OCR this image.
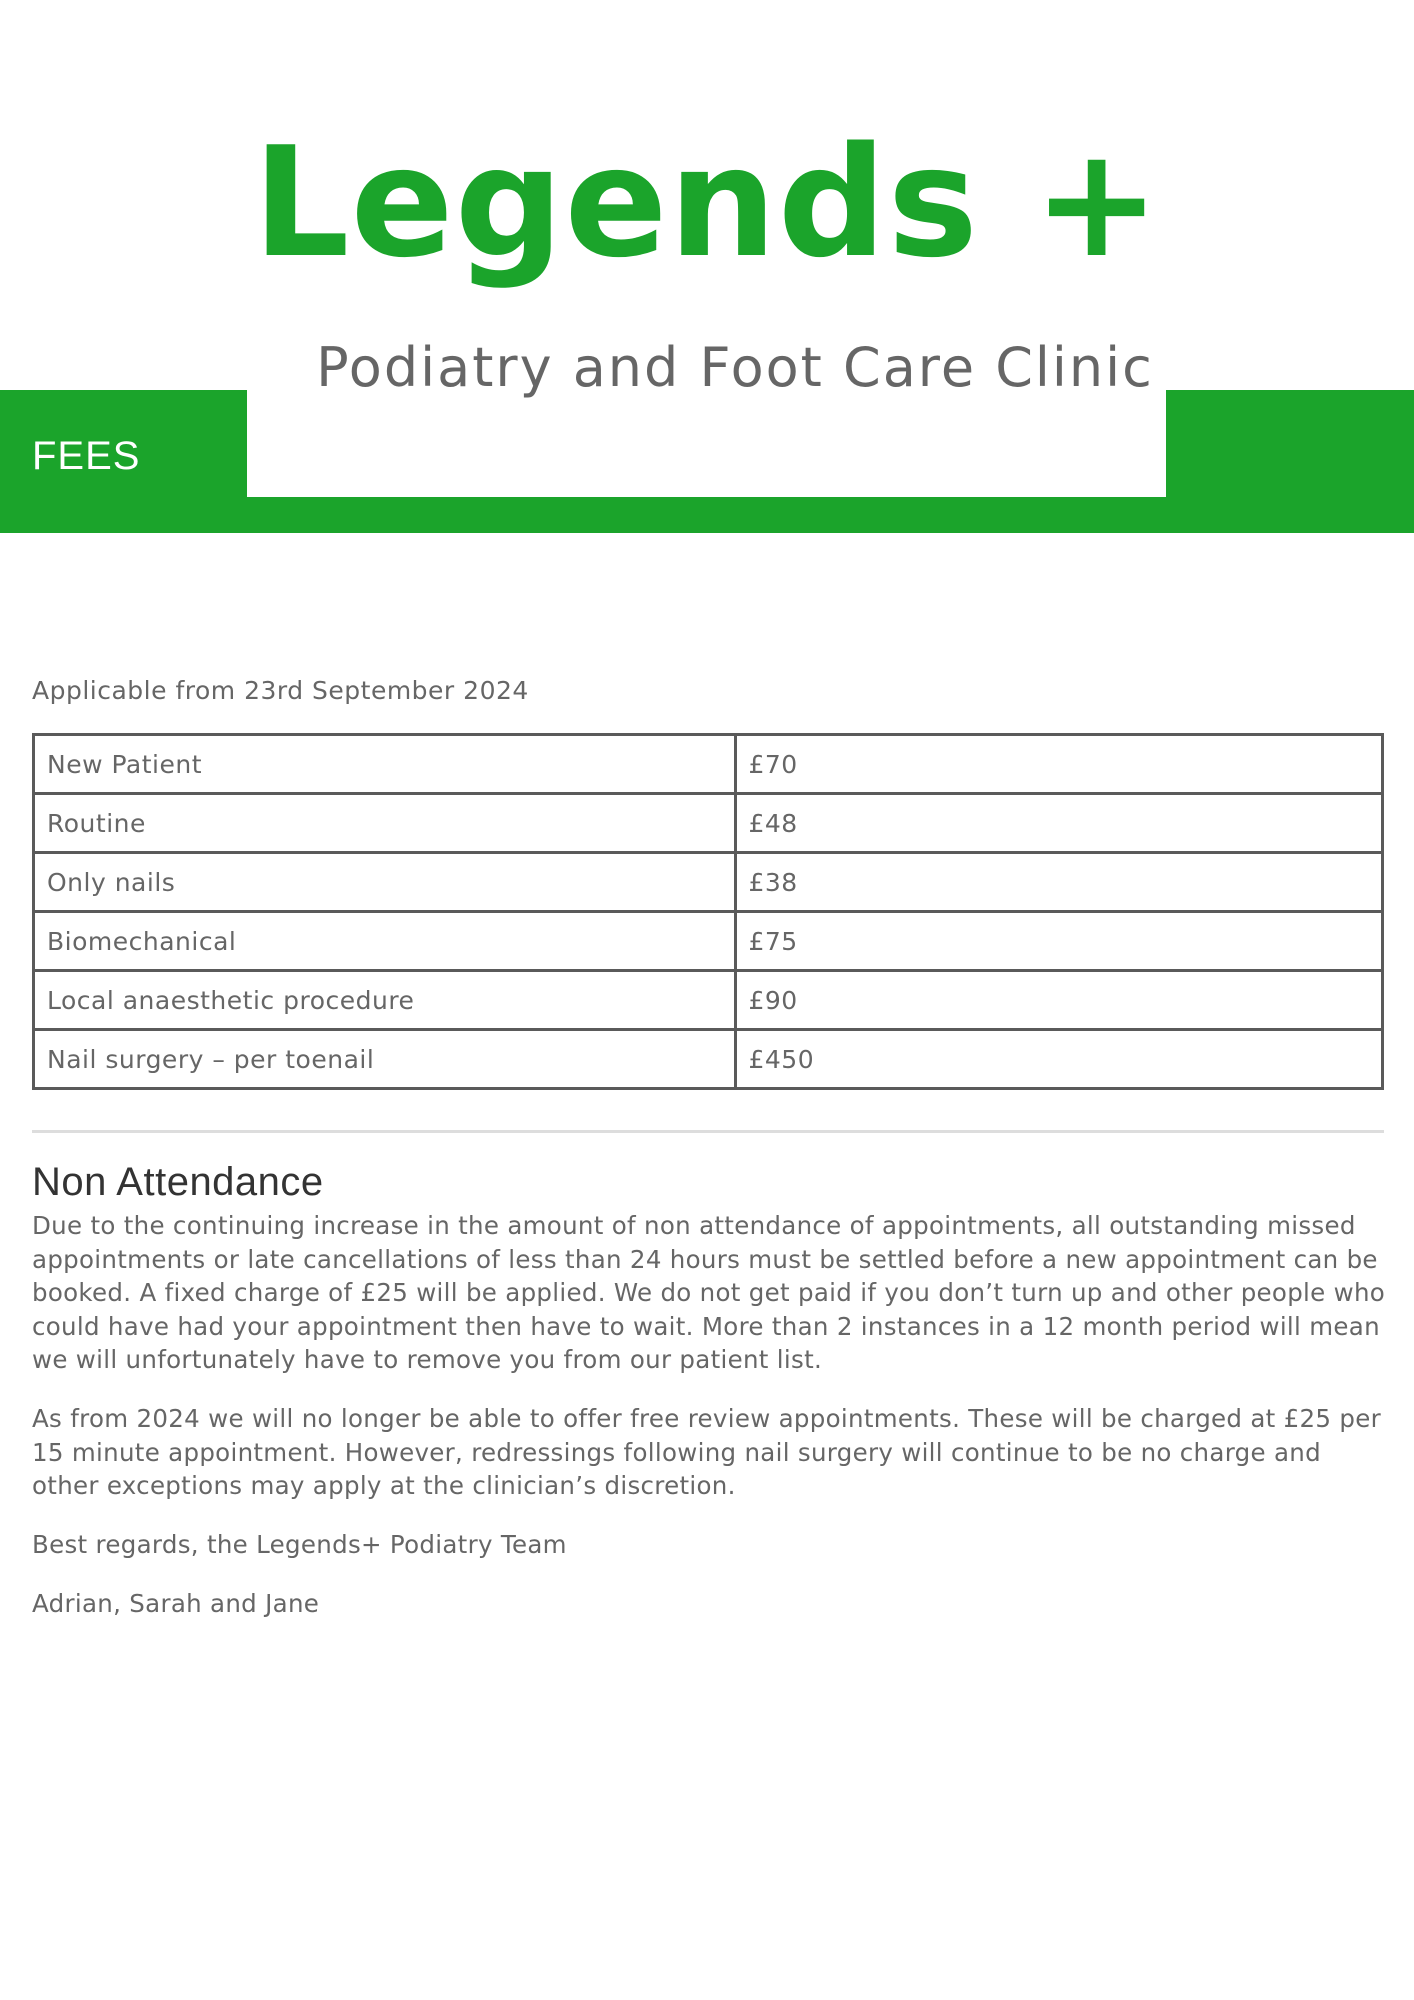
Legends +
Podiatry and Foot Care Clinic
FEES
Applicable from 23rd September 2024
New Patient	£70
Routine	£48
Only nails	£38
Biomechanical	£75
Local anaesthetic procedure	£90
Nail surgery – per toenail	£450
Non Attendance

Due to the continuing increase in the amount of non attendance of appointments, all outstanding missed appointments or late cancellations of less than 24 hours must be settled before a new appointment can be booked. A fixed charge of £25 will be applied. We do not get paid if you don’t turn up and other people who could have had your appointment then have to wait. More than 2 instances in a 12 month period will mean we will unfortunately have to remove you from our patient list.

As from 2024 we will no longer be able to offer free review appointments. These will be charged at £25 per 15 minute appointment. However, redressings following nail surgery will continue to be no charge and other exceptions may apply at the clinician’s discretion.

Best regards, the Legends+ Podiatry Team

Adrian, Sarah and Jane
